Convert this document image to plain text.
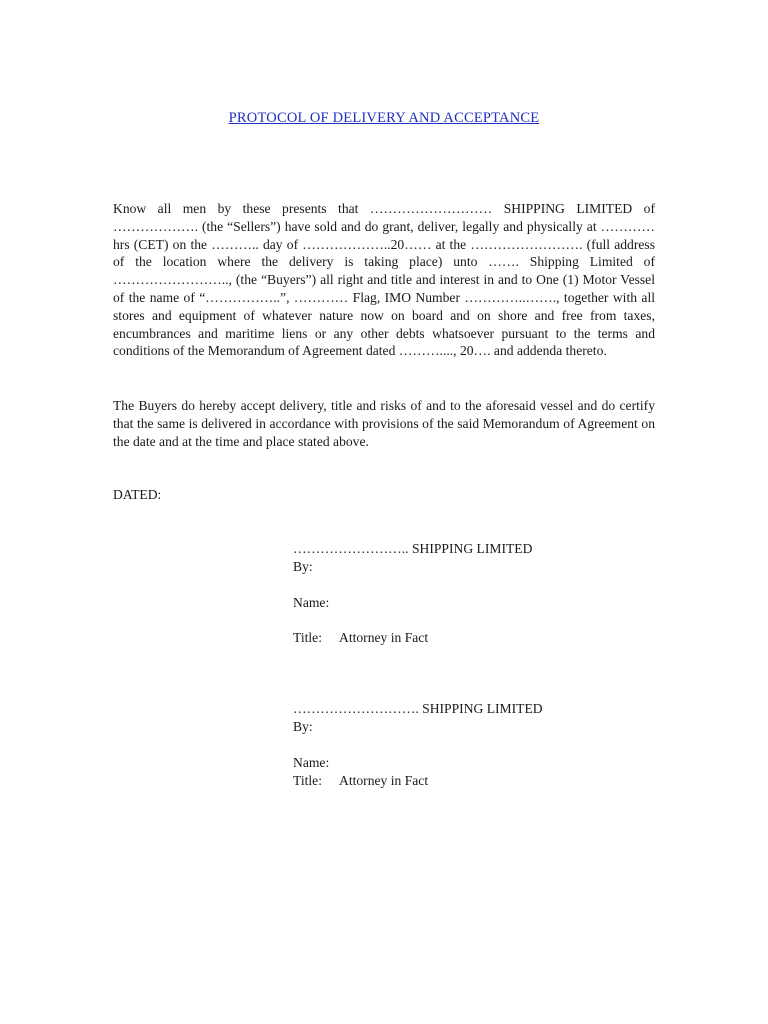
PROTOCOL OF DELIVERY AND ACCEPTANCE
Know all men by these presents that ……………………… SHIPPING LIMITED of ………………. (the “Sellers”) have sold and do grant, deliver, legally and physically at …………hrs (CET) on the ……….. day of ………………..20…… at the ……………………. (full address of the location where the delivery is taking place) unto ……. Shipping Limited of …………………….., (the “Buyers”) all right and title and interest in and to One (1) Motor Vessel of the name of “……………..”, ………… Flag, IMO Number …………..……., together with all stores and equipment of whatever nature now on board and on shore and free from taxes, encumbrances and maritime liens or any other debts whatsoever pursuant to the terms and conditions of the Memorandum of Agreement dated ………...., 20…. and addenda thereto.
The Buyers do hereby accept delivery, title and risks of and to the aforesaid vessel and do certify that the same is delivered in accordance with provisions of the said Memorandum of Agreement on the date and at the time and place stated above.
DATED:
…………………….. SHIPPING LIMITED
By:
Name:
Title: Attorney in Fact
………………………. SHIPPING LIMITED
By:
Name:
Title: Attorney in Fact
